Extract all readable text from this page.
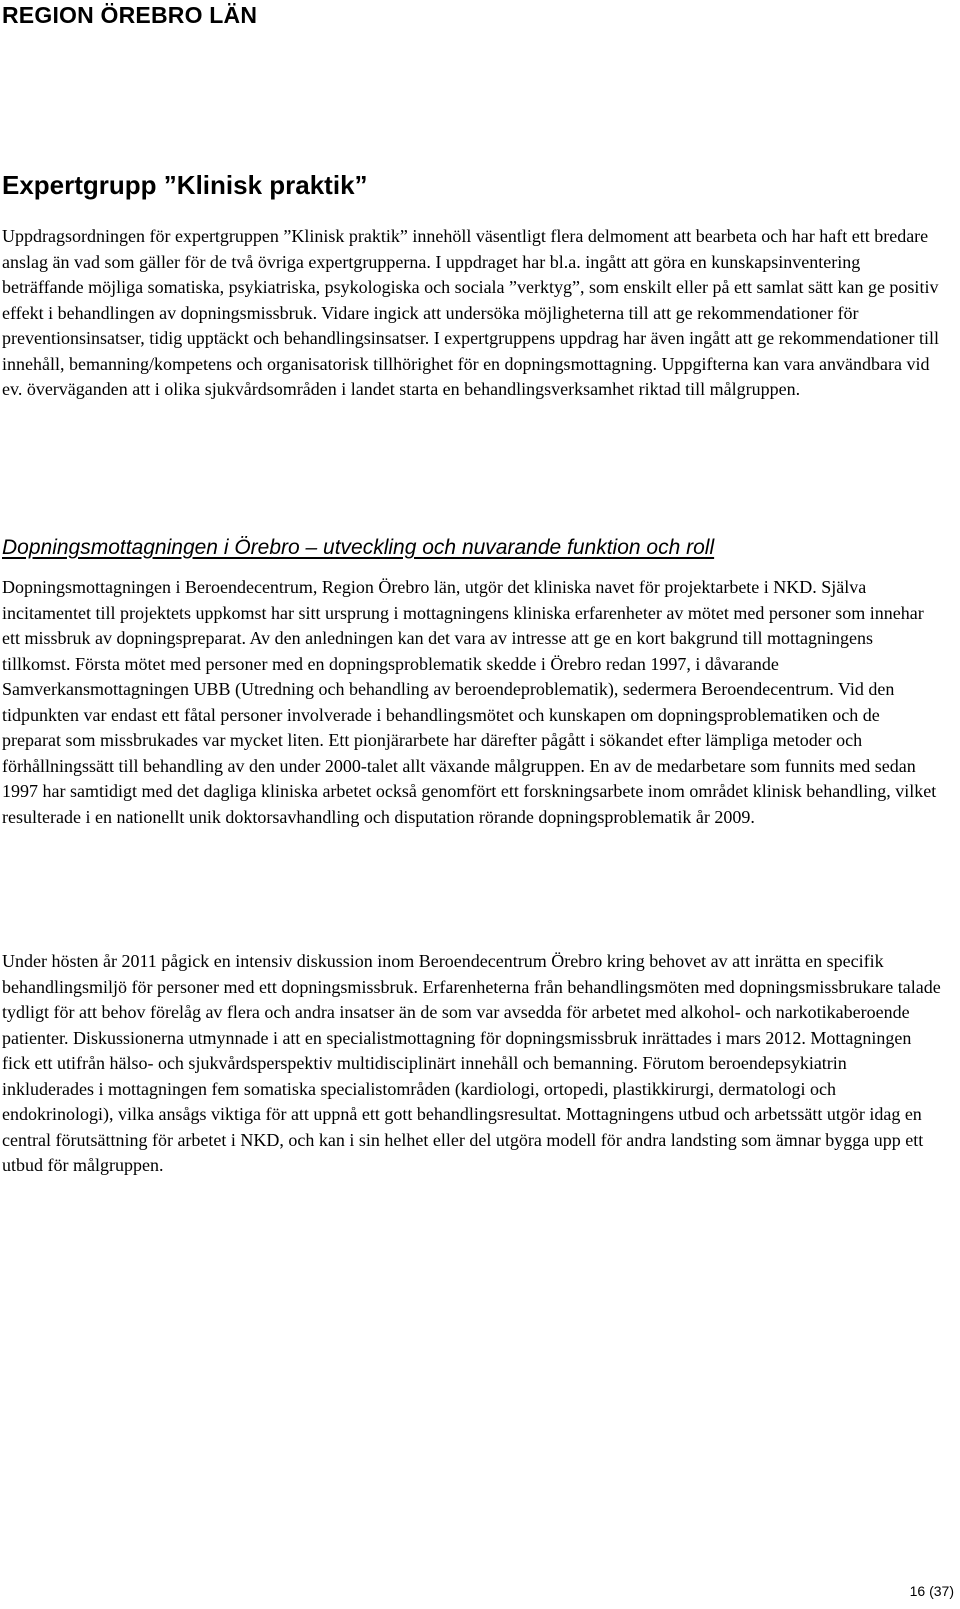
REGION ÖREBRO LÄN
Expertgrupp ”Klinisk praktik”

Uppdragsordningen för expertgruppen ”Klinisk praktik” innehöll väsentligt flera delmoment att bearbeta och har haft ett bredare anslag än vad som gäller för de två övriga expertgrupperna. I uppdraget har bl.a. ingått att göra en kunskapsinventering beträffande möjliga somatiska, psykiatriska, psykologiska och sociala ”verktyg”, som enskilt eller på ett samlat sätt kan ge positiv effekt i behandlingen av dopningsmissbruk. Vidare ingick att undersöka möjligheterna till att ge rekommendationer för preventionsinsatser, tidig upptäckt och behandlingsinsatser. I expertgruppens uppdrag har även ingått att ge rekommendationer till innehåll, bemanning/kompetens och organisatorisk tillhörighet för en dopningsmottagning. Uppgifterna kan vara användbara vid ev. överväganden att i olika sjukvårdsområden i landet starta en behandlingsverksamhet riktad till målgruppen.

Dopningsmottagningen i Örebro – utveckling och nuvarande funktion och roll

Dopningsmottagningen i Beroendecentrum, Region Örebro län, utgör det kliniska navet för projektarbete i NKD. Själva incitamentet till projektets uppkomst har sitt ursprung i mottagningens kliniska erfarenheter av mötet med personer som innehar ett missbruk av dopningspreparat. Av den anledningen kan det vara av intresse att ge en kort bakgrund till mottagningens tillkomst. Första mötet med personer med en dopningsproblematik skedde i Örebro redan 1997, i dåvarande Samverkansmottagningen UBB (Utredning och behandling av beroendeproblematik), sedermera Beroendecentrum. Vid den tidpunkten var endast ett fåtal personer involverade i behandlingsmötet och kunskapen om dopningsproblematiken och de preparat som missbrukades var mycket liten. Ett pionjärarbete har därefter pågått i sökandet efter lämpliga metoder och förhållningssätt till behandling av den under 2000-talet allt växande målgruppen. En av de medarbetare som funnits med sedan 1997 har samtidigt med det dagliga kliniska arbetet också genomfört ett forskningsarbete inom området klinisk behandling, vilket resulterade i en nationellt unik doktorsavhandling och disputation rörande dopningsproblematik år 2009.

Under hösten år 2011 pågick en intensiv diskussion inom Beroendecentrum Örebro kring behovet av att inrätta en specifik behandlingsmiljö för personer med ett dopningsmissbruk. Erfarenheterna från behandlingsmöten med dopningsmissbrukare talade tydligt för att behov förelåg av flera och andra insatser än de som var avsedda för arbetet med alkohol- och narkotikaberoende patienter. Diskussionerna utmynnade i att en specialistmottagning för dopningsmissbruk inrättades i mars 2012. Mottagningen fick ett utifrån hälso- och sjukvårdsperspektiv multidisciplinärt innehåll och bemanning. Förutom beroendepsykiatrin inkluderades i mottagningen fem somatiska specialistområden (kardiologi, ortopedi, plastikkirurgi, dermatologi och endokrinologi), vilka ansågs viktiga för att uppnå ett gott behandlingsresultat. Mottagningens utbud och arbetssätt utgör idag en central förutsättning för arbetet i NKD, och kan i sin helhet eller del utgöra modell för andra landsting som ämnar bygga upp ett utbud för målgruppen.

16 (37)
